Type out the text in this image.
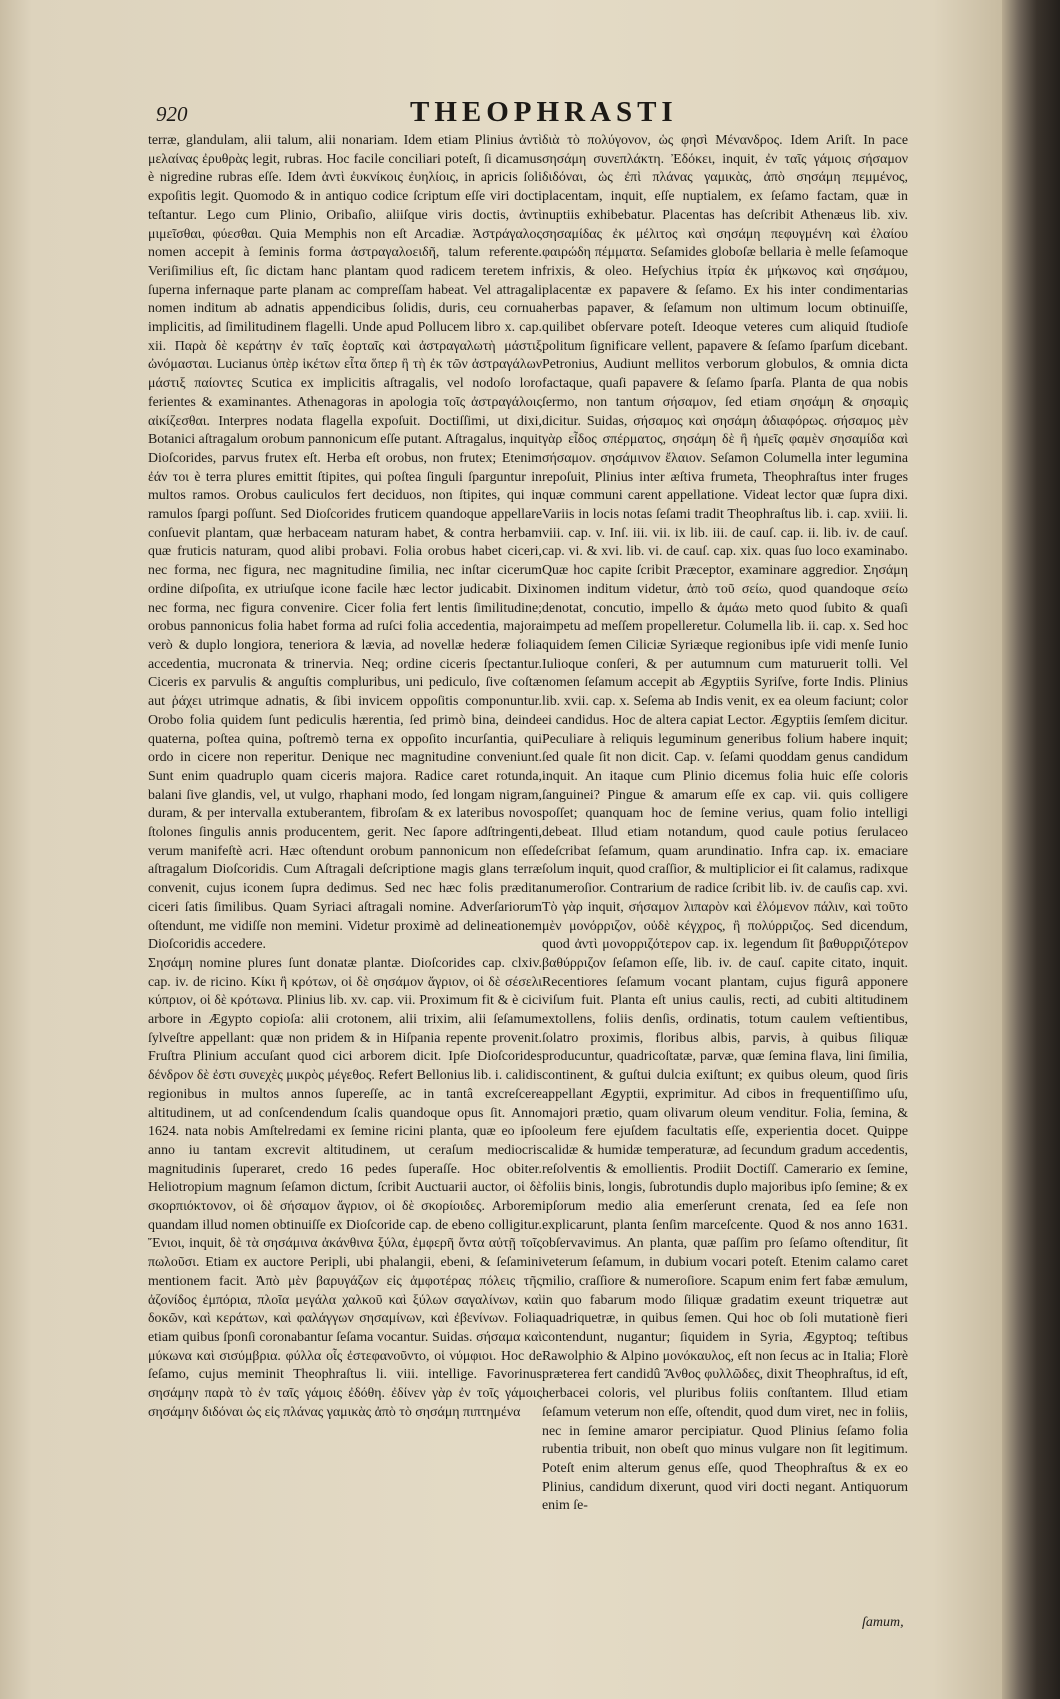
920	THEOPHRASTI

terræ, glandulam, alii talum, alii nonariam. Idem etiam Plinius ἀντὶ μελαίνας ἐρυθρὰς legit, rubras. Hoc facile conciliari poteſt, ſi dicamus è nigredine rubras eſſe. Idem ἀντὶ ἐυκνίκοις ἐυηλίοις, in apricis ſoli expoſitis legit. Quomodo & in antiquo codice ſcriptum eſſe viri docti teſtantur. Lego cum Plinio, Oribaſio, aliiſque viris doctis, ἀντὶ μιμεῖσθαι, φύεσθαι. Quia Memphis non eſt Arcadiæ. Ἀστράγαλος nomen accepit à ſeminis forma ἀστραγαλοειδῆ, talum referente. Veriſimilius eſt, ſic dictam hanc plantam quod radicem teretem in ſuperna infernaque parte planam ac compreſſam habeat. Vel attragali nomen inditum ab adnatis appendicibus ſolidis, duris, ceu cornua implicitis, ad ſimilitudinem flagelli. Unde apud Pollucem libro x. cap. xii. Παρὰ δὲ κεράτην ἐν ταῖς ἑορταῖς καὶ ἀστραγαλωτὴ μάστιξ ὠνόμασται. Lucianus ὑπὲρ ἱκέτων εἶτα ὅπερ ἢ τὴ ἐκ τῶν ἀστραγάλων μάστιξ παίοντες Scutica ex implicitis aſtragalis, vel nodoſo loro ferientes & examinantes. Athenagoras in apologia τοῖς ἀστραγάλοις αἰκίζεσθαι. Interpres nodata flagella expoſuit. Doctiſſimi, ut dixi, Botanici aſtragalum orobum pannonicum eſſe putant. Aſtragalus, inquit Dioſcorides, parvus frutex eſt. Herba eſt orobus, non frutex; Etenim ἐάν τοι è terra plures emittit ſtipites, qui poſtea ſinguli ſparguntur in multos ramos. Orobus cauliculos fert deciduos, non ſtipites, qui in ramulos ſpargi poſſunt. Sed Dioſcorides fruticem quandoque appellare conſuevit plantam, quæ herbaceam naturam habet, & contra herbam quæ fruticis naturam, quod alibi probavi. Folia orobus habet ciceri, nec forma, nec figura, nec magnitudine ſimilia, nec inſtar cicerum ordine diſpoſita, ex utriuſque icone facile hæc lector judicabit. Dixi nec forma, nec figura convenire. Cicer folia fert lentis ſimilitudine; orobus pannonicus folia habet forma ad ruſci folia accedentia, majora verò & duplo longiora, teneriora & lævia, ad novellæ hederæ folia accedentia, mucronata & trinervia. Neq; ordine ciceris ſpectantur. Ciceris ex parvulis & anguſtis compluribus, uni pediculo, ſive coſtæ aut ῥάχει utrimque adnatis, & ſibi invicem oppoſitis componuntur. Orobo folia quidem ſunt pediculis hærentia, ſed primò bina, deinde quaterna, poſtea quina, poſtremò terna ex oppoſito incurſantia, qui ordo in cicere non reperitur. Denique nec magnitudine conveniunt. Sunt enim quadruplo quam ciceris majora. Radice caret rotunda, balani ſive glandis, vel, ut vulgo, rhaphani modo, ſed longam nigram, duram, & per intervalla extuberantem, fibroſam & ex lateribus novos ſtolones ſingulis annis producentem, gerit. Nec ſapore adſtringenti, verum manifeſtè acri. Hæc oſtendunt orobum pannonicum non eſſe aſtragalum Dioſcoridis. Cum Aſtragali deſcriptione magis glans terræ convenit, cujus iconem ſupra dedimus. Sed nec hæc folis prædita ciceri ſatis ſimilibus. Quam Syriaci aſtragali nomine. Adverſariorum oſtendunt, me vidiſſe non memini. Videtur proximè ad delineationem Dioſcoridis accedere.

Σησάμη nomine plures ſunt donatæ plantæ. Dioſcorides cap. clxiv. cap. iv. de ricino. Κίκι ἢ κρότων, οἱ δὲ σησάμον ἄγριον, οἱ δὲ σέσελι κύπριον, οἱ δὲ κρότωνα. Plinius lib. xv. cap. vii. Proximum fit & è cici arbore in Ægypto copioſa: alii crotonem, alii trixim, alii ſeſamum ſylveſtre appellant: quæ non pridem & in Hiſpania repente provenit. Fruſtra Plinium accuſant quod cici arborem dicit. Ipſe Dioſcorides δένδρον δὲ ἐστι συνεχὲς μικρὸς μέγεθος. Refert Bellonius lib. i. calidis regionibus in multos annos ſupereſſe, ac in tantâ excreſcere altitudinem, ut ad conſcendendum ſcalis quandoque opus ſit. Anno 1624. nata nobis Amſtelredami ex ſemine ricini planta, quæ eo ipſo anno iu tantam excrevit altitudinem, ut ceraſum mediocris magnitudinis ſuperaret, credo 16 pedes ſuperaſſe. Hoc obiter. Heliotropium magnum ſeſamon dictum, ſcribit Auctuarii auctor, οἱ δὲ σκορπιόκτονον, οἱ δὲ σήσαμον ἄγριον, οἱ δὲ σκορίοιδες. Arborem quandam illud nomen obtinuiſſe ex Dioſcoride cap. de ebeno colligitur. Ἔνιοι, inquit, δὲ τὰ σησάμινα ἀκάνθινα ξύλα, ἐμφερῆ ὄντα αὐτῇ τοῖς πωλοῦσι. Etiam ex auctore Peripli, ubi phalangii, ebeni, & ſeſamini mentionem facit. Ἀπὸ μὲν βαρυγάζων εἰς ἀμφοτέρας πόλεις τῆς ἀζονίδος ἐμπόρια, πλοῖα μεγάλα χαλκοῦ καὶ ξύλων σαγαλίνων, καὶ δοκῶν, καὶ κεράτων, καὶ φαλάγγων σησαμίνων, καὶ ἐβενίνων. Folia etiam quibus ſponſi coronabantur ſeſama vocantur. Suidas. σήσαμα καὶ μύκωνα καὶ σισύμβρια. φύλλα οἷς ἐστεφανοῦντο, οἱ νύμφιοι. Hoc de ſeſamo, cujus meminit Theophraſtus li. viii. intellige. Favorinus σησάμην παρὰ τὸ ἐν ταῖς γάμοις ἐδόθη. ἐδίνεν γὰρ ἐν τοῖς γάμοις σησάμην διδόναι ὡς εἰς πλάνας γαμικὰς ἀπὸ τὸ σησάμη πιπτημένα

διὰ τὸ πολύγονον, ὡς φησὶ Μένανδρος. Idem Ariſt. In pace σησάμη συνεπλάκτη. Ἐδόκει, inquit, ἐν ταῖς γάμοις σήσαμον διδόναι, ὡς ἐπὶ πλάνας γαμικὰς, ἀπὸ σησάμη πεμμένος, placentam, inquit, eſſe nuptialem, ex ſeſamo factam, quæ in nuptiis exhibebatur. Placentas has deſcribit Athenæus lib. xiv. σησαμίδας ἐκ μέλιτος καὶ σησάμη πεφυγμένη καὶ ἐλαίου φαιρώδη πέμματα. Seſamides globoſæ bellaria è melle ſeſamoque frixis, & oleo. Heſychius ἰτρία ἐκ μήκωνος καὶ σησάμου, placentæ ex papavere & ſeſamo. Ex his inter condimentarias herbas papaver, & ſeſamum non ultimum locum obtinuiſſe, quilibet obſervare poteſt. Ideoque veteres cum aliquid ſtudioſe politum ſignificare vellent, papavere & ſeſamo ſparſum dicebant. Petronius, Audiunt mellitos verborum globulos, & omnia dicta factaque, quaſi papavere & ſeſamo ſparſa. Planta de qua nobis ſermo, non tantum σήσαμον, ſed etiam σησάμη & σησαμὶς dicitur. Suidas, σήσαμος καὶ σησάμη ἀδιαφόρως. σήσαμος μὲν γὰρ εἶδος σπέρματος, σησάμη δὲ ἢ ἡμεῖς φαμὲν σησαμίδα καὶ σήσαμον. σησάμινον ἔλαιον. Seſamon Columella inter legumina repoſuit, Plinius inter æſtiva frumeta, Theophraſtus inter fruges quæ communi carent appellatione. Videat lector quæ ſupra dixi. Variis in locis notas ſeſami tradit Theophraſtus lib. i. cap. xviii. li. viii. cap. v. Inſ. iii. vii. ix lib. iii. de cauſ. cap. ii. lib. iv. de cauſ. cap. vi. & xvi. lib. vi. de cauſ. cap. xix. quas ſuo loco examinabo. Quæ hoc capite ſcribit Præceptor, examinare aggredior. Σησάμη nomen inditum videtur, ἀπὸ τοῦ σείω, quod quandoque σείω denotat, concutio, impello & ἀμάω meto quod ſubito & quaſi impetu ad meſſem propelleretur. Columella lib. ii. cap. x. Sed hoc quidem ſemen Ciliciæ Syriæque regionibus ipſe vidi menſe Iunio Iulioque conſeri, & per autumnum cum maturuerit tolli. Vel nomen ſeſamum accepit ab Ægyptiis Syriſve, forte Indis. Plinius lib. xvii. cap. x. Seſema ab Indis venit, ex ea oleum faciunt; color ei candidus. Hoc de altera capiat Lector. Ægyptiis ſemſem dicitur. Peculiare à reliquis leguminum generibus folium habere inquit; ſed quale ſit non dicit. Cap. v. ſeſami quoddam genus candidum inquit. An itaque cum Plinio dicemus folia huic eſſe coloris ſanguinei? Pingue & amarum eſſe ex cap. vii. quis colligere poſſet; quanquam hoc de ſemine verius, quam folio intelligi debeat. Illud etiam notandum, quod caule potius ſerulaceo deſcribat ſeſamum, quam arundinatio. Infra cap. ix. emaciare ſolum inquit, quod craſſior, & multiplicior ei ſit calamus, radixque numeroſior. Contrarium de radice ſcribit lib. iv. de cauſis cap. xvi. Τὸ γὰρ inquit, σήσαμον λιπαρὸν καὶ ἐλόμενον πάλιν, καὶ τοῦτο μὲν μονόρριζον, οὐδὲ κέγχρος, ἢ πολύρριζος. Sed dicendum, quod ἀντὶ μονορριζότερον cap. ix. legendum ſit βαθυρριζότερον βαθύρριζον ſeſamon eſſe, lib. iv. de cauſ. capite citato, inquit. Recentiores ſeſamum vocant plantam, cujus figurâ apponere viſum fuit. Planta eſt unius caulis, recti, ad cubiti altitudinem extollens, foliis denſis, ordinatis, totum caulem veſtientibus, ſolatro proximis, floribus albis, parvis, à quibus ſiliquæ producuntur, quadricoſtatæ, parvæ, quæ ſemina flava, lini ſimilia, continent, & guſtui dulcia exiſtunt; ex quibus oleum, quod ſiris appellant Ægyptii, exprimitur. Ad cibos in frequentiſſimo uſu, majori prætio, quam olivarum oleum venditur. Folia, ſemina, & oleum fere ejuſdem facultatis eſſe, experientia docet. Quippe calidæ & humidæ temperaturæ, ad ſecundum gradum accedentis, reſolventis & emollientis. Prodiit Doctiſſ. Camerario ex ſemine, foliis binis, longis, ſubrotundis duplo majoribus ipſo ſemine; & ex ipſorum medio alia emerſerunt crenata, ſed ea ſeſe non explicarunt, planta ſenſim marceſcente. Quod & nos anno 1631. obſervavimus. An planta, quæ paſſim pro ſeſamo oſtenditur, ſit veterum ſeſamum, in dubium vocari poteſt. Etenim calamo caret milio, craſſiore & numeroſiore. Scapum enim fert fabæ æmulum, in quo fabarum modo ſiliquæ gradatim exeunt triquetræ aut quadriquetræ, in quibus ſemen. Qui hoc ob ſoli mutationè fieri contendunt, nugantur; ſiquidem in Syria, Ægyptoq; teſtibus Rawolphio & Alpino μονόκαυλος, eſt non ſecus ac in Italia; Florè præterea fert candidû Ἄνθος φυλλῶδες, dixit Theophraſtus, id eſt, herbacei coloris, vel pluribus foliis conſtantem. Illud etiam ſeſamum veterum non eſſe, oſtendit, quod dum viret, nec in foliis, nec in ſemine amaror percipiatur. Quod Plinius ſeſamo folia rubentia tribuit, non obeſt quo minus vulgare non ſit legitimum. Poteſt enim alterum genus eſſe, quod Theophraſtus & ex eo Plinius, candidum dixerunt, quod viri docti negant. Antiquorum enim ſe-

ſamum,
